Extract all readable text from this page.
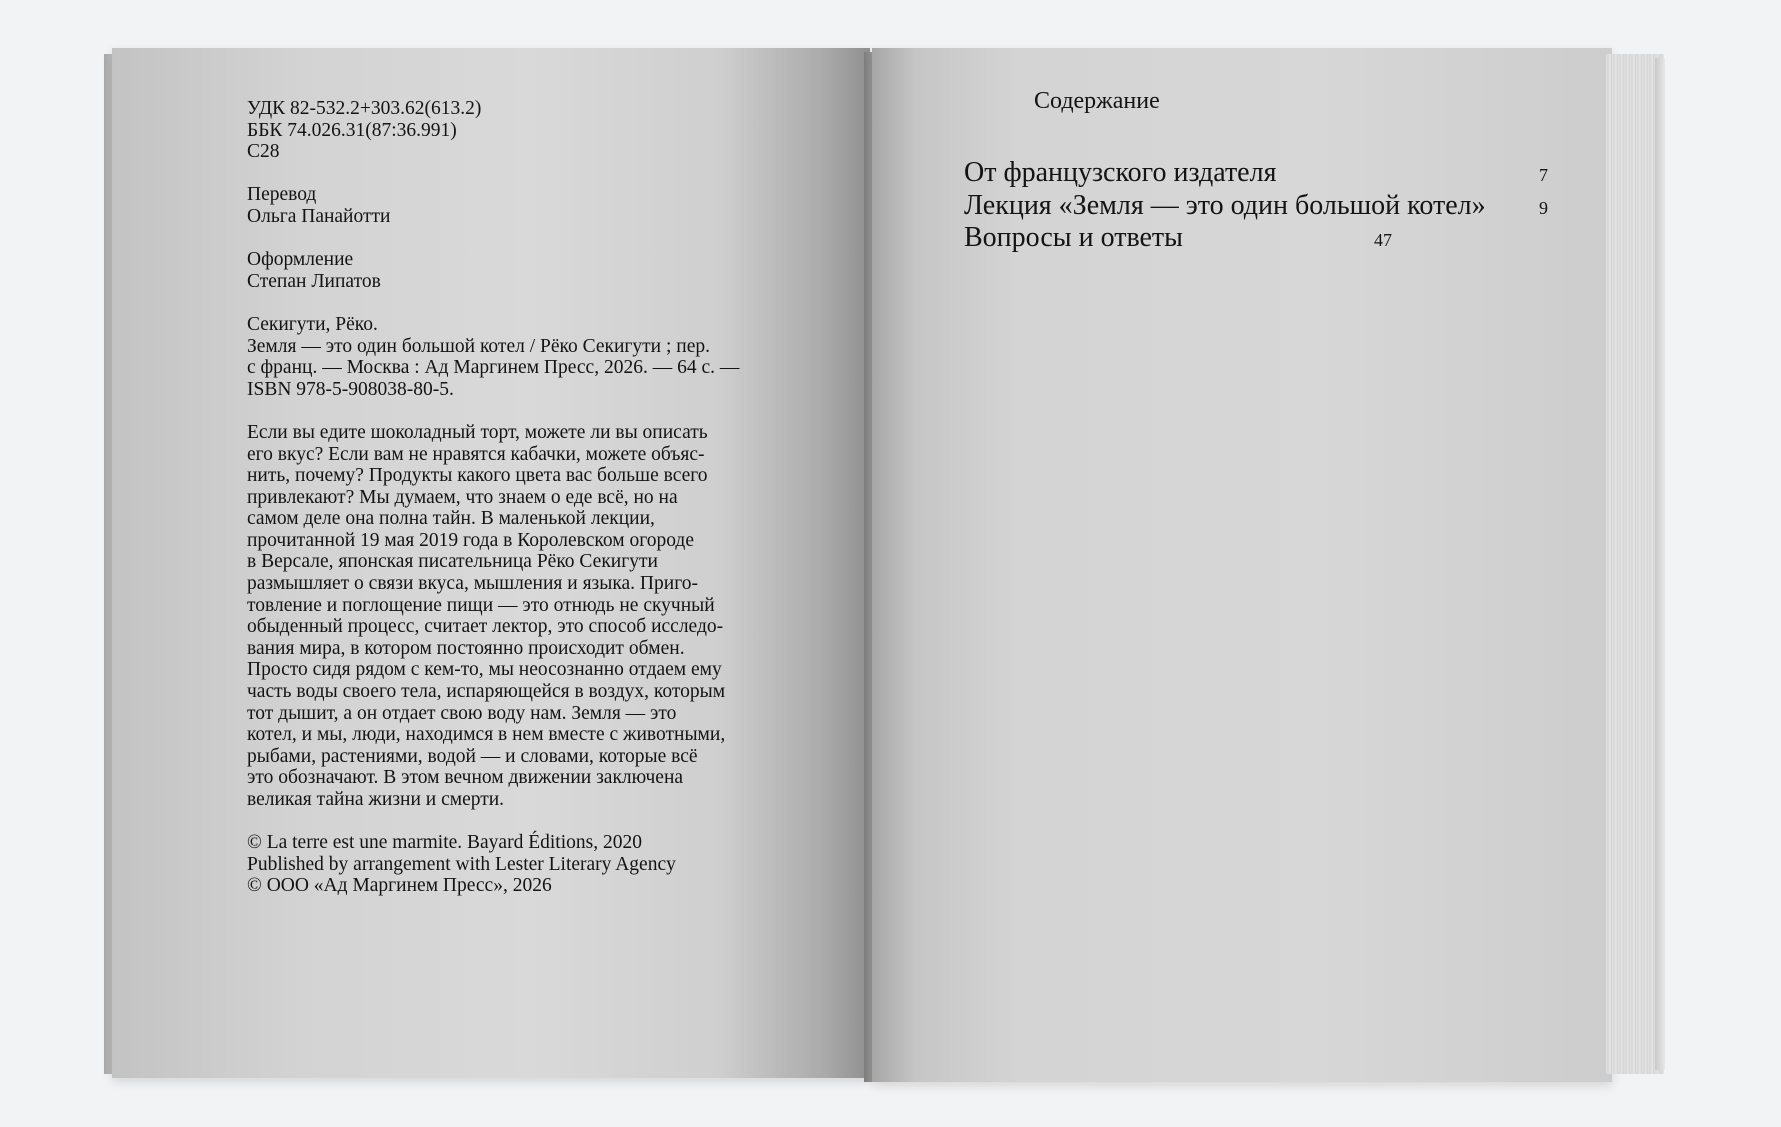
УДК 82-532.2+303.62(613.2)
ББК 74.026.31(87:36.991)
С28

Перевод
Ольга Панайотти

Оформление
Степан Липатов

Секигути, Рёко.
Земля — это один большой котел / Рёко Секигути ; пер.
с франц. — Москва : Ад Маргинем Пресс, 2026. — 64 с. —
ISBN 978-5-908038-80-5.

Если вы едите шоколадный торт, можете ли вы описать
его вкус? Если вам не нравятся кабачки, можете объяс-
нить, почему? Продукты какого цвета вас больше всего
привлекают? Мы думаем, что знаем о еде всё, но на
самом деле она полна тайн. В маленькой лекции,
прочитанной 19 мая 2019 года в Королевском огороде
в Версале, японская писательница Рёко Секигути
размышляет о связи вкуса, мышления и языка. Приго-
товление и поглощение пищи — это отнюдь не скучный
обыденный процесс, считает лектор, это способ исследо-
вания мира, в котором постоянно происходит обмен.
Просто сидя рядом с кем-то, мы неосознанно отдаем ему
часть воды своего тела, испаряющейся в воздух, которым
тот дышит, а он отдает свою воду нам. Земля — это
котел, и мы, люди, находимся в нем вместе с животными,
рыбами, растениями, водой — и словами, которые всё
это обозначают. В этом вечном движении заключена
великая тайна жизни и смерти.

© La terre est une marmite. Bayard Éditions, 2020
Published by arrangement with Lester Literary Agency
© ООО «Ад Маргинем Пресс», 2026

Содержание
От французского издателя	7
Лекция «Земля — это один большой котел»	9
Вопросы и ответы	47
